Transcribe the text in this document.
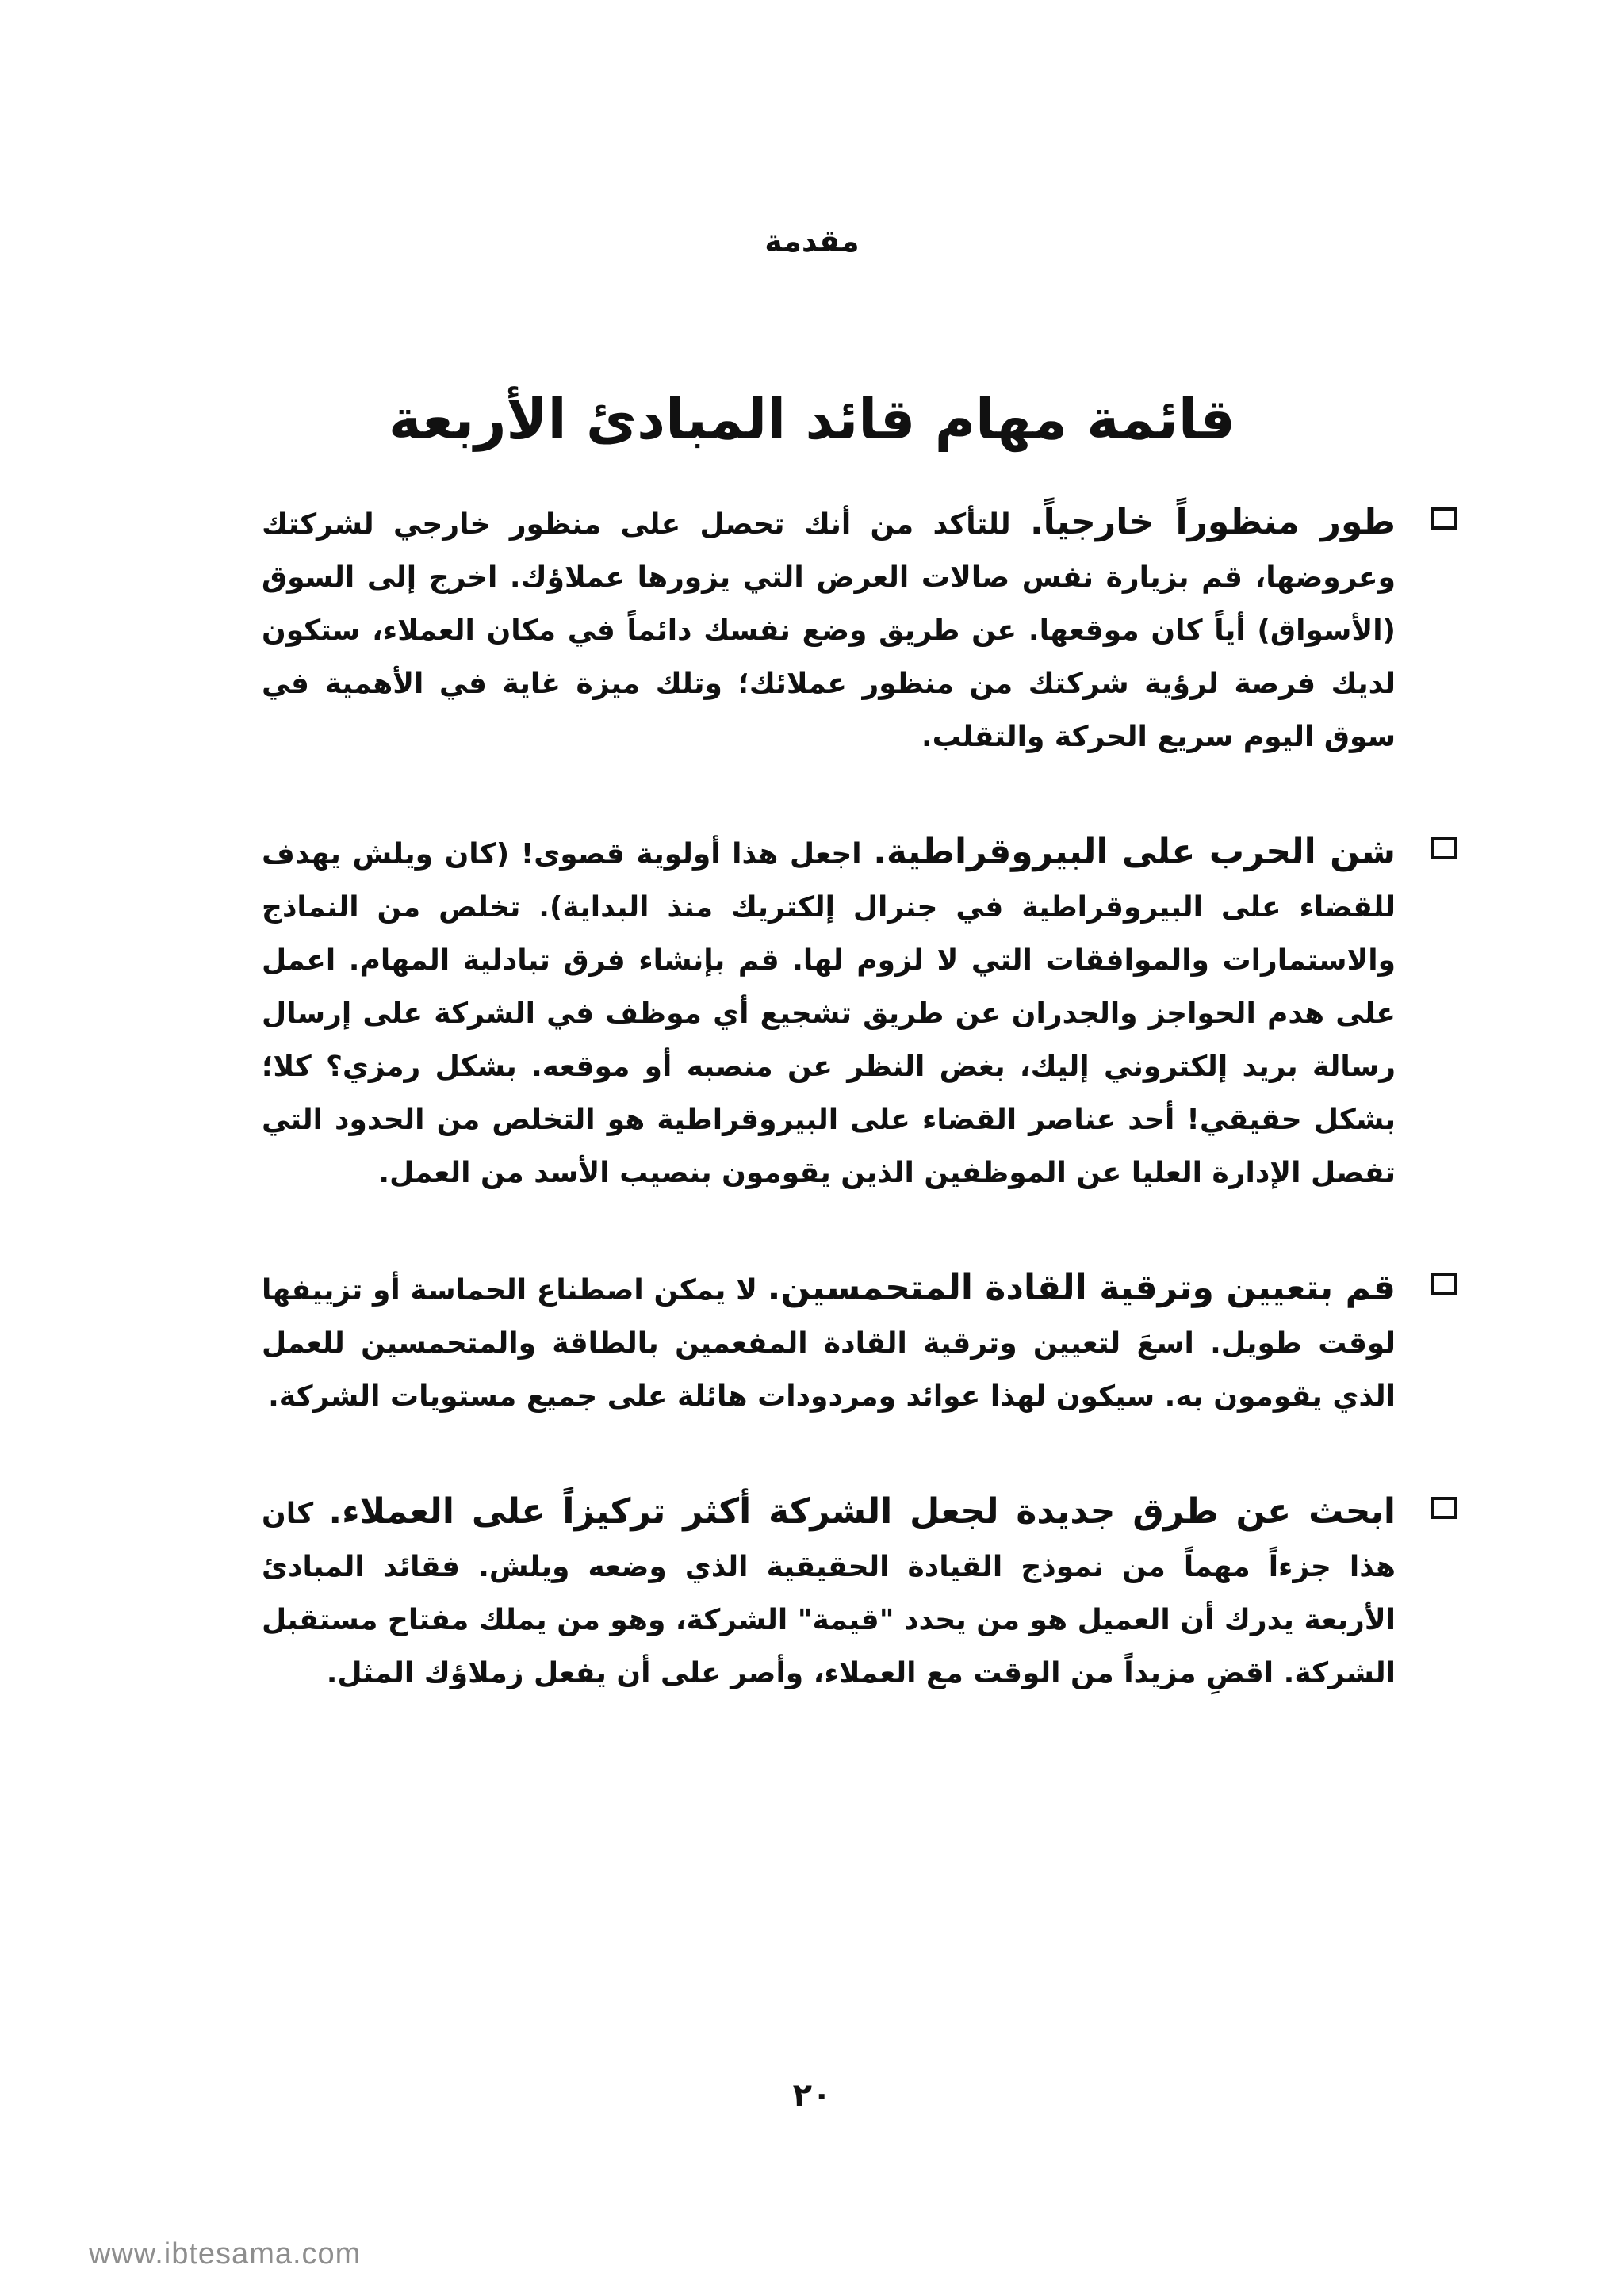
مقدمة
قائمة مهام قائد المبادئ الأربعة
طور منظوراً خارجياً. للتأكد من أنك تحصل على منظور خارجي لشركتك وعروضها، قم بزيارة نفس صالات العرض التي يزورها عملاؤك. اخرج إلى السوق (الأسواق) أياً كان موقعها. عن طريق وضع نفسك دائماً في مكان العملاء، ستكون لديك فرصة لرؤية شركتك من منظور عملائك؛ وتلك ميزة غاية في الأهمية في سوق اليوم سريع الحركة والتقلب.
شن الحرب على البيروقراطية. اجعل هذا أولوية قصوى! (كان ويلش يهدف للقضاء على البيروقراطية في جنرال إلكتريك منذ البداية). تخلص من النماذج والاستمارات والموافقات التي لا لزوم لها. قم بإنشاء فرق تبادلية المهام. اعمل على هدم الحواجز والجدران عن طريق تشجيع أي موظف في الشركة على إرسال رسالة بريد إلكتروني إليك، بغض النظر عن منصبه أو موقعه. بشكل رمزي؟ كلا؛ بشكل حقيقي! أحد عناصر القضاء على البيروقراطية هو التخلص من الحدود التي تفصل الإدارة العليا عن الموظفين الذين يقومون بنصيب الأسد من العمل.
قم بتعيين وترقية القادة المتحمسين. لا يمكن اصطناع الحماسة أو تزييفها لوقت طويل. اسعَ لتعيين وترقية القادة المفعمين بالطاقة والمتحمسين للعمل الذي يقومون به. سيكون لهذا عوائد ومردودات هائلة على جميع مستويات الشركة.
ابحث عن طرق جديدة لجعل الشركة أكثر تركيزاً على العملاء. كان هذا جزءاً مهماً من نموذج القيادة الحقيقية الذي وضعه ويلش. فقائد المبادئ الأربعة يدرك أن العميل هو من يحدد "قيمة" الشركة، وهو من يملك مفتاح مستقبل الشركة. اقضِ مزيداً من الوقت مع العملاء، وأصر على أن يفعل زملاؤك المثل.
٢٠
www.ibtesama.com
